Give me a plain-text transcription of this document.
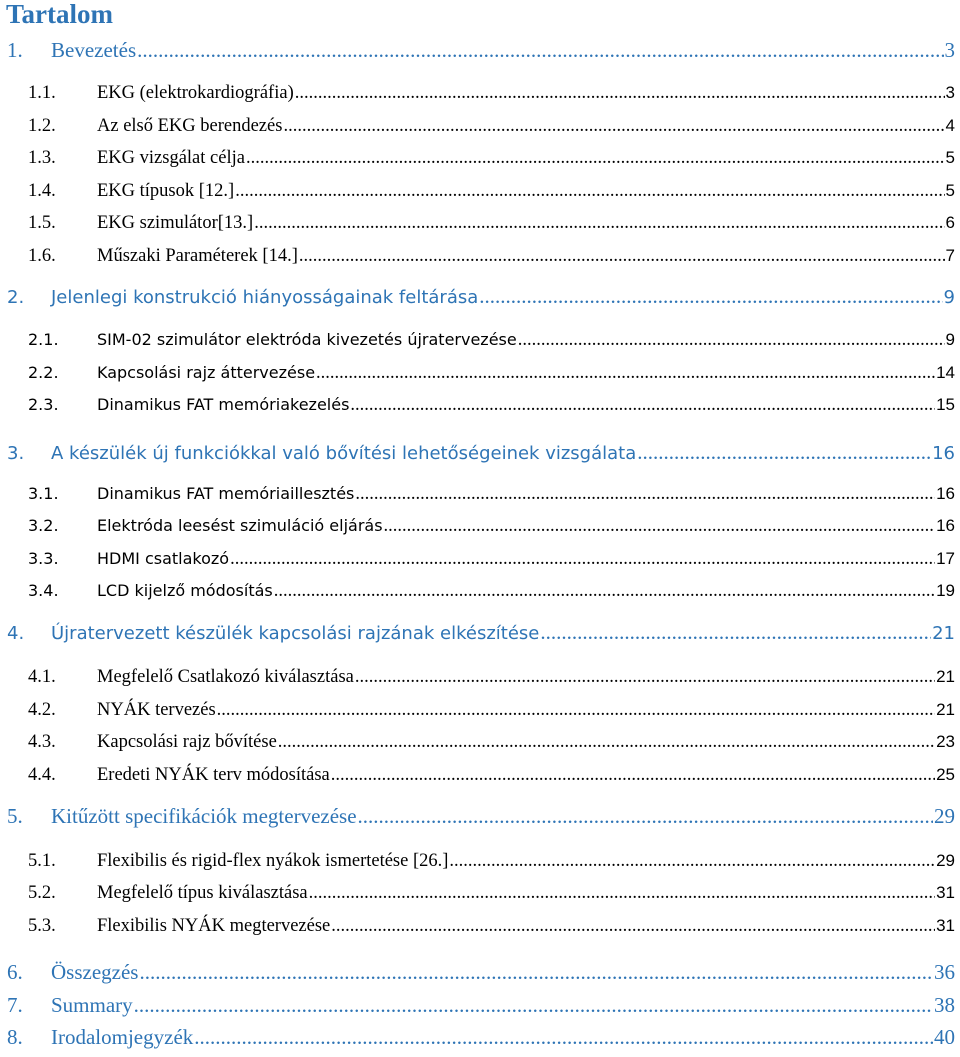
Tartalom
1.	Bevezetés .....	3
1.1.	EKG (elektrokardiográfia) .....	3
1.2.	Az első EKG berendezés .....	4
1.3.	EKG vizsgálat célja .....	5
1.4.	EKG típusok [12.] .....	5
1.5.	EKG szimulátor[13.] .....	6
1.6.	Műszaki Paraméterek [14.] .....	7
2.	Jelenlegi konstrukció hiányosságainak feltárása .....	9
2.1.	SIM-02 szimulátor elektróda kivezetés újratervezése .....	9
2.2.	Kapcsolási rajz áttervezése .....	14
2.3.	Dinamikus FAT memóriakezelés .....	15
3.	A készülék új funkciókkal való bővítési lehetőségeinek vizsgálata .....	16
3.1.	Dinamikus FAT memóriaillesztés .....	16
3.2.	Elektróda leesést szimuláció eljárás .....	16
3.3.	HDMI csatlakozó .....	17
3.4.	LCD kijelző módosítás .....	19
4.	Újratervezett készülék kapcsolási rajzának elkészítése .....	21
4.1.	Megfelelő Csatlakozó kiválasztása .....	21
4.2.	NYÁK tervezés .....	21
4.3.	Kapcsolási rajz bővítése .....	23
4.4.	Eredeti NYÁK terv módosítása .....	25
5.	Kitűzött specifikációk megtervezése .....	29
5.1.	Flexibilis és rigid-flex nyákok ismertetése [26.] .....	29
5.2.	Megfelelő típus kiválasztása .....	31
5.3.	Flexibilis NYÁK megtervezése .....	31
6.	Összegzés .....	36
7.	Summary .....	38
8.	Irodalomjegyzék .....	40
